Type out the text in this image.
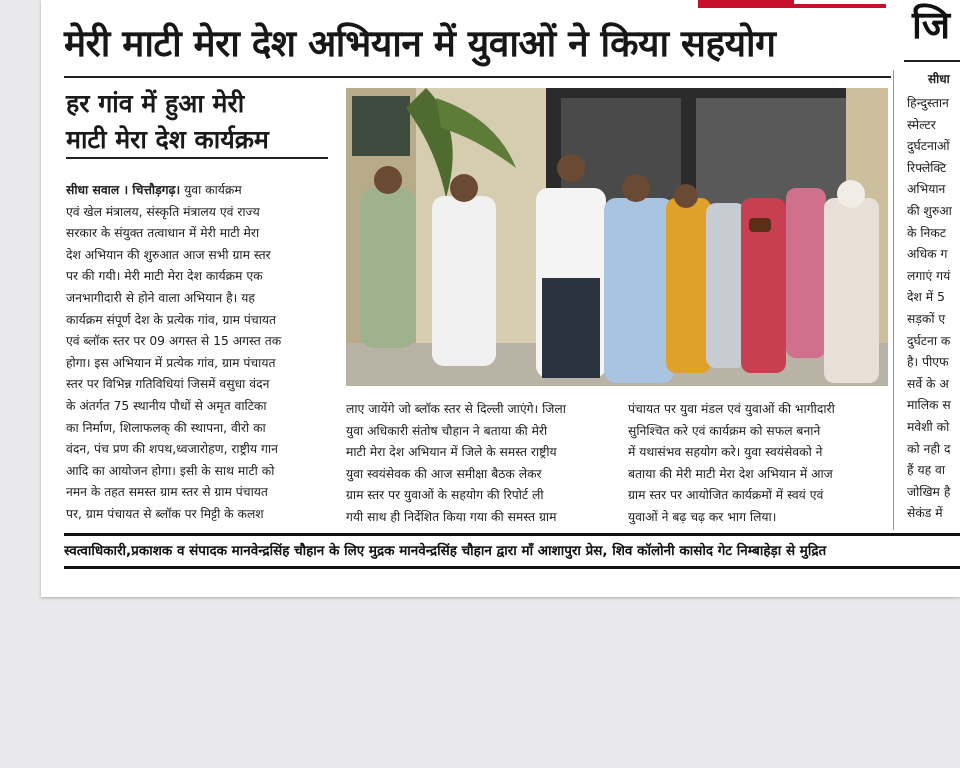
मेरी माटी मेरा देश अभियान में युवाओं ने किया सहयोग
हर गांव में हुआ मेरी
माटी मेरा देश कार्यक्रम
सीधा सवाल । चित्तौड़गढ़। युवा कार्यक्रम
एवं खेल मंत्रालय, संस्कृति मंत्रालय एवं राज्य
सरकार के संयुक्त तत्वाधान में मेरी माटी मेरा
देश अभियान की शुरुआत आज सभी ग्राम स्तर
पर की गयी। मेरी माटी मेरा देश कार्यक्रम एक
जनभागीदारी से होने वाला अभियान है। यह
कार्यक्रम संपूर्ण देश के प्रत्येक गांव, ग्राम पंचायत
एवं ब्लॉक स्तर पर 09 अगस्त से 15 अगस्त तक
होगा। इस अभियान में प्रत्येक गांव, ग्राम पंचायत
स्तर पर विभिन्न गतिविधियां जिसमें वसुधा वंदन
के अंतर्गत 75 स्थानीय पौधों से अमृत वाटिका
का निर्माण, शिलाफलक् की स्थापना, वीरो का
वंदन, पंच प्रण की शपथ,ध्वजारोहण, राष्ट्रीय गान
आदि का आयोजन होगा। इसी के साथ माटी को
नमन के तहत समस्त ग्राम स्तर से ग्राम पंचायत
पर, ग्राम पंचायत से ब्लॉक पर मिट्टी के कलश
लाए जायेंगे जो ब्लॉक स्तर से दिल्ली जाएंगे। जिला
युवा अधिकारी संतोष चौहान ने बताया की मेरी
माटी मेरा देश अभियान में जिले के समस्त राष्ट्रीय
युवा स्वयंसेवक की आज समीक्षा बैठक लेकर
ग्राम स्तर पर युवाओं के सहयोग की रिपोर्ट ली
गयी साथ ही निर्देशित किया गया की समस्त ग्राम
पंचायत पर युवा मंडल एवं युवाओं की भागीदारी
सुनिश्चित करे एवं कार्यक्रम को सफल बनाने
में यथासंभव सहयोग करे। युवा स्वयंसेवको ने
बताया की मेरी माटी मेरा देश अभियान में आज
ग्राम स्तर पर आयोजित कार्यक्रमों में स्वयं एवं
युवाओं ने बढ़ चढ़ कर भाग लिया।
जि
सीधा
हिन्दुस्तान
स्मेल्टर
दुर्घटनाओं
रिफ्लेक्टि
अभियान
की शुरुआ
के निकट
अधिक ग
लगाएं गयं
देश में 5
सड़कों ए
दुर्घटना क
है। पीएफ
सर्वे के अ
मालिक स
मवेशी को
को नही द
हैं यह वा
जोखिम है
सेकंड में
स्वत्वाधिकारी,प्रकाशक व संपादक मानवेन्द्रसिंह चौहान के लिए मुद्रक मानवेन्द्रसिंह चौहान द्वारा माँ आशापुरा प्रेस, शिव कॉलोनी कासोद गेट निम्बाहेड़ा से मुद्रित
